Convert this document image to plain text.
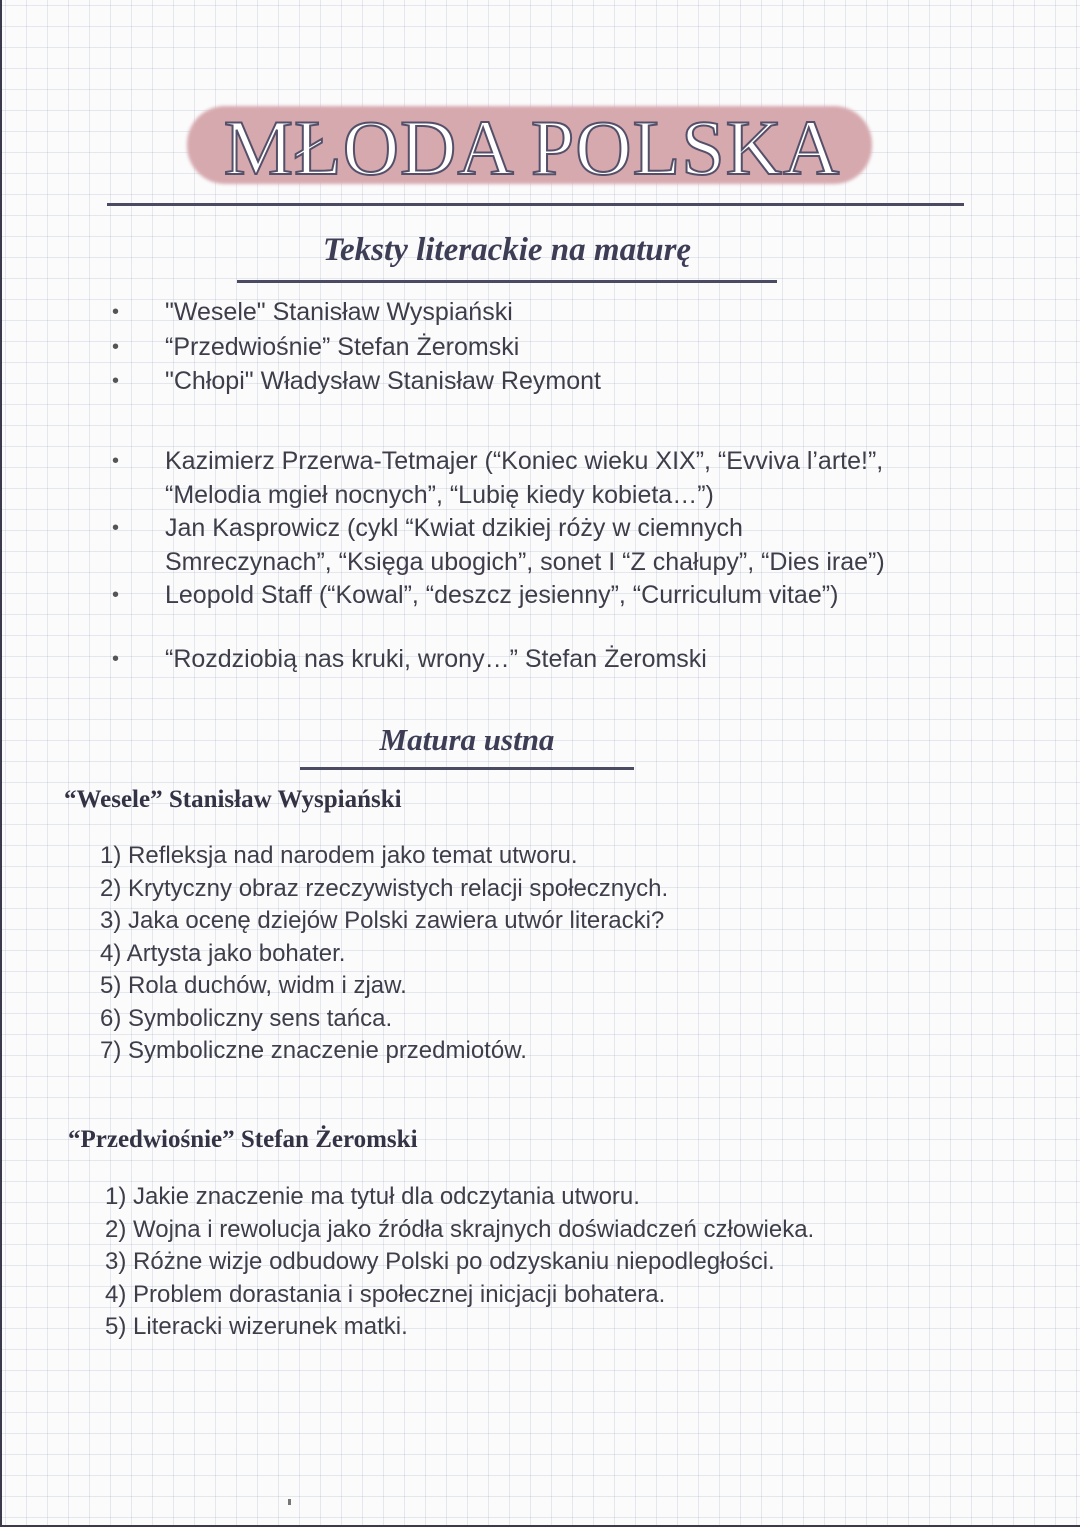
MŁODA POLSKA
Teksty literackie na maturę
•	"Wesele" Stanisław Wyspiański
•	“Przedwiośnie” Stefan Żeromski
•	"Chłopi" Władysław Stanisław Reymont
•	Kazimierz Przerwa-Tetmajer (“Koniec wieku XIX”, “Evviva l’arte!”,
“Melodia mgieł nocnych”, “Lubię kiedy kobieta…”)
•	Jan Kasprowicz (cykl “Kwiat dzikiej róży w ciemnych
Smreczynach”, “Księga ubogich”, sonet I “Z chałupy”, “Dies irae”)
•	Leopold Staff (“Kowal”, “deszcz jesienny”, “Curriculum vitae”)
•	“Rozdziobią nas kruki, wrony…” Stefan Żeromski
Matura ustna
“Wesele” Stanisław Wyspiański
1) Refleksja nad narodem jako temat utworu.
2) Krytyczny obraz rzeczywistych relacji społecznych.
3) Jaka ocenę dziejów Polski zawiera utwór literacki?
4) Artysta jako bohater.
5) Rola duchów, widm i zjaw.
6) Symboliczny sens tańca.
7) Symboliczne znaczenie przedmiotów.
“Przedwiośnie” Stefan Żeromski
1) Jakie znaczenie ma tytuł dla odczytania utworu.
2) Wojna i rewolucja jako źródła skrajnych doświadczeń człowieka.
3) Różne wizje odbudowy Polski po odzyskaniu niepodległości.
4) Problem dorastania i społecznej inicjacji bohatera.
5) Literacki wizerunek matki.
